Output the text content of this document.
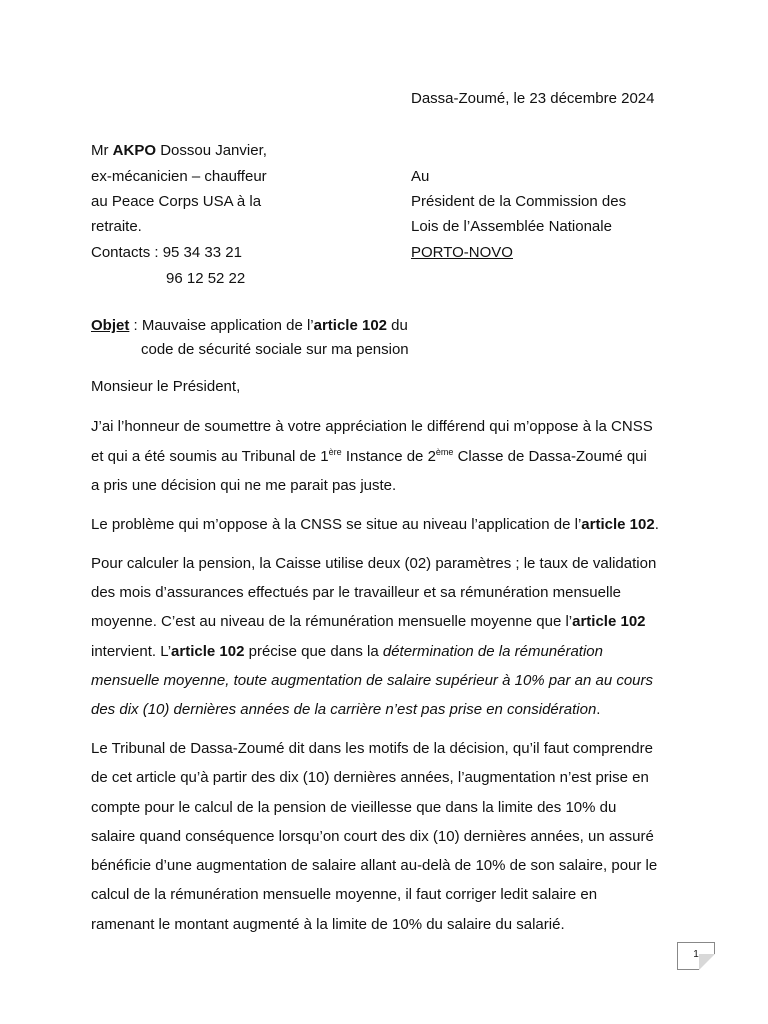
Dassa-Zoumé, le 23 décembre 2024
Mr AKPO Dossou Janvier,
ex-mécanicien – chauffeur
au Peace Corps USA à la
retraite.
Contacts : 95 34 33 21
96 12 52 22
Au
Président de la Commission des
Lois de l’Assemblée Nationale
PORTO-NOVO
Objet : Mauvaise application de l’article 102 du
code de sécurité sociale sur ma pension
Monsieur le Président,
J’ai l’honneur de soumettre à votre appréciation le différend qui m’oppose à la CNSS
et qui a été soumis au Tribunal de 1ère Instance de 2ème Classe de Dassa-Zoumé qui
a pris une décision qui ne me parait pas juste.
Le problème qui m’oppose à la CNSS se situe au niveau l’application de l’article 102.
Pour calculer la pension, la Caisse utilise deux (02) paramètres ; le taux de validation
des mois d’assurances effectués par le travailleur et sa rémunération mensuelle
moyenne. C’est au niveau de la rémunération mensuelle moyenne que l’article 102
intervient. L’article 102 précise que dans la détermination de la rémunération
mensuelle moyenne, toute augmentation de salaire supérieur à 10% par an au cours
des dix (10) dernières années de la carrière n’est pas prise en considération.
Le Tribunal de Dassa-Zoumé dit dans les motifs de la décision, qu’il faut comprendre
de cet article qu’à partir des dix (10) dernières années, l’augmentation n’est prise en
compte pour le calcul de la pension de vieillesse que dans la limite des 10% du
salaire quand conséquence lorsqu’on court des dix (10) dernières années, un assuré
bénéficie d’une augmentation de salaire allant au-delà de 10% de son salaire, pour le
calcul de la rémunération mensuelle moyenne, il faut corriger ledit salaire en
ramenant le montant augmenté à la limite de 10% du salaire du salarié.
1
